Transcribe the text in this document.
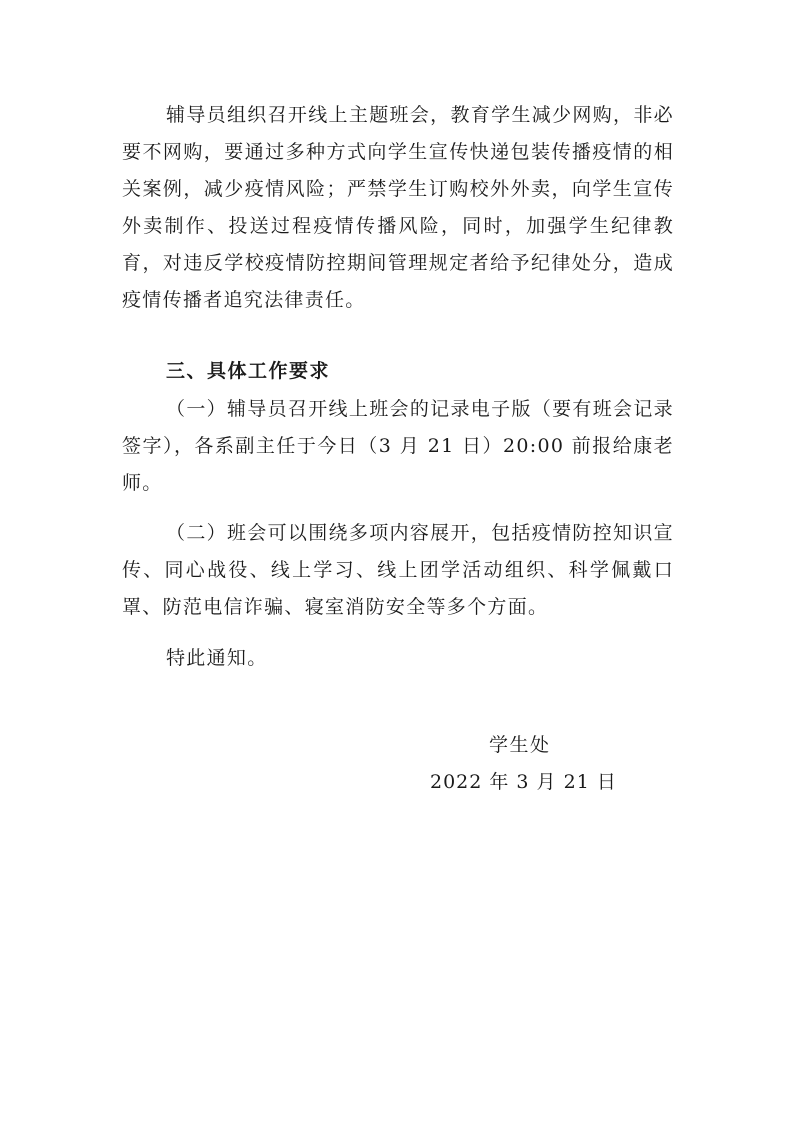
辅导员组织召开线上主题班会，教育学生减少网购，非必要不网购，要通过多种方式向学生宣传快递包装传播疫情的相关案例，减少疫情风险；严禁学生订购校外外卖，向学生宣传外卖制作、投送过程疫情传播风险，同时，加强学生纪律教育，对违反学校疫情防控期间管理规定者给予纪律处分，造成疫情传播者追究法律责任。

三、具体工作要求

（一）辅导员召开线上班会的记录电子版（要有班会记录签字），各系副主任于今日（3 月 21 日）20:00 前报给康老师。

（二）班会可以围绕多项内容展开，包括疫情防控知识宣传、同心战役、线上学习、线上团学活动组织、科学佩戴口罩、防范电信诈骗、寝室消防安全等多个方面。

特此通知。
学生处
2022 年 3 月 21 日
